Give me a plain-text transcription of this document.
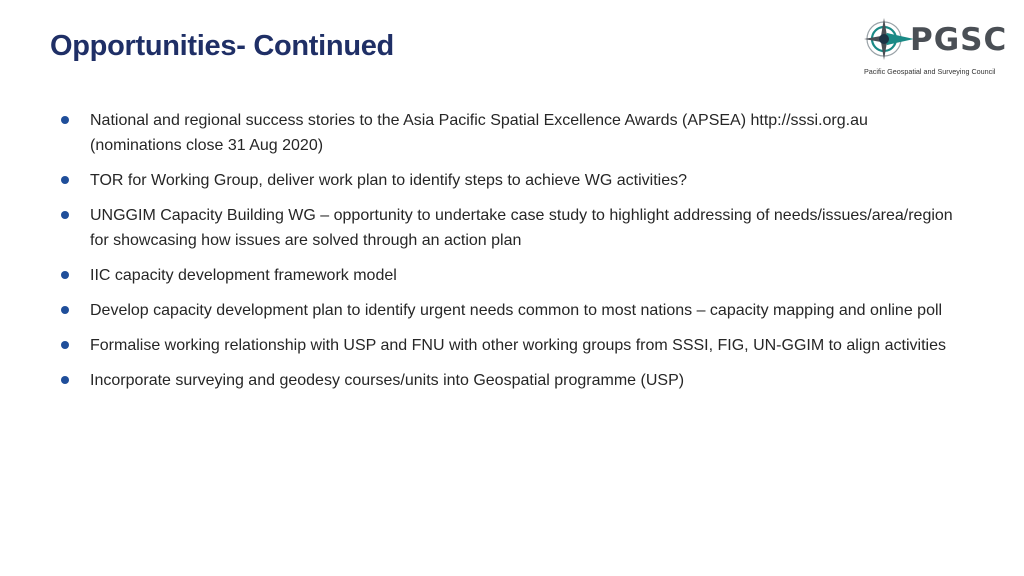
Opportunities- Continued	PGSC
Pacific Geospatial and Surveying Council
National and regional success stories to the Asia Pacific Spatial Excellence Awards (APSEA) http://sssi.org.au (nominations close 31 Aug 2020)
TOR for Working Group, deliver work plan to identify steps to achieve WG activities?
UNGGIM Capacity Building WG – opportunity to undertake case study to highlight addressing of needs/issues/area/region for showcasing how issues are solved through an action plan
IIC capacity development framework model
Develop capacity development plan to identify urgent needs common to most nations – capacity mapping and online poll
Formalise working relationship with USP and FNU with other working groups from SSSI, FIG, UN-GGIM to align activities
Incorporate surveying and geodesy courses/units into Geospatial programme (USP)
